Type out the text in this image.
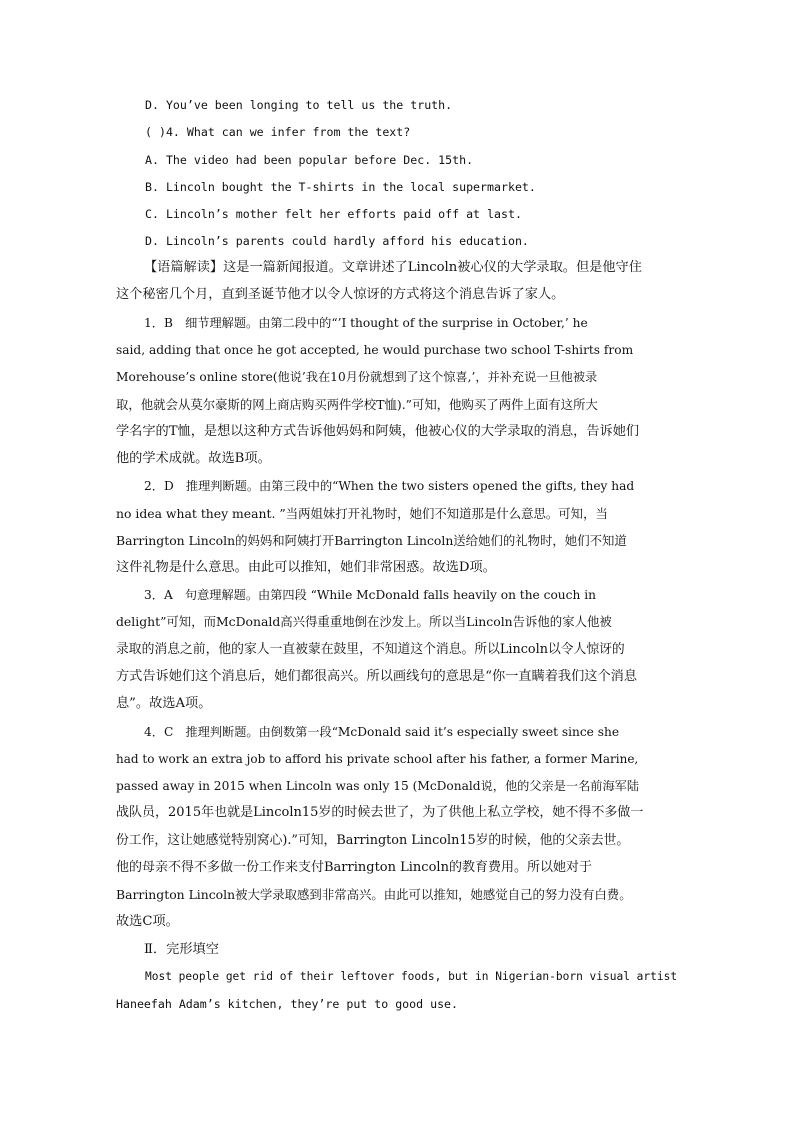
D. You’ve been longing to tell us the truth.
( )4. What can we infer from the text?
A. The video had been popular before Dec. 15th.
B. Lincoln bought the T-shirts in the local supermarket.
C. Lincoln’s mother felt her efforts paid off at last.
D. Lincoln’s parents could hardly afford his education.
【语篇解读】这是一篇新闻报道。文章讲述了Lincoln被心仪的大学录取。但是他守住
这个秘密几个月，直到圣诞节他才以令人惊讶的方式将这个消息告诉了家人。
1．B　细节理解题。由第二段中的“’I thought of the surprise in October,’ he
said, adding that once he got accepted, he would purchase two school T-shirts from
Morehouse’s online store(他说’我在10月份就想到了这个惊喜,’，并补充说一旦他被录
取，他就会从莫尔豪斯的网上商店购买两件学校T恤).”可知，他购买了两件上面有这所大
学名字的T恤，是想以这种方式告诉他妈妈和阿姨，他被心仪的大学录取的消息，告诉她们
他的学术成就。故选B项。
2．D　推理判断题。由第三段中的“When the two sisters opened the gifts, they had
no idea what they meant. ”当两姐妹打开礼物时，她们不知道那是什么意思。可知，当
Barrington Lincoln的妈妈和阿姨打开Barrington Lincoln送给她们的礼物时，她们不知道
这件礼物是什么意思。由此可以推知，她们非常困惑。故选D项。
3．A　句意理解题。由第四段 “While McDonald falls heavily on the couch in
delight”可知，而McDonald高兴得重重地倒在沙发上。所以当Lincoln告诉他的家人他被
录取的消息之前，他的家人一直被蒙在鼓里，不知道这个消息。所以Lincoln以令人惊讶的
方式告诉她们这个消息后，她们都很高兴。所以画线句的意思是“你一直瞒着我们这个消息
息”。故选A项。
4．C　推理判断题。由倒数第一段“McDonald said it’s especially sweet since she
had to work an extra job to afford his private school after his father, a former Marine,
passed away in 2015 when Lincoln was only 15 (McDonald说，他的父亲是一名前海军陆
战队员，2015年也就是Lincoln15岁的时候去世了，为了供他上私立学校，她不得不多做一
份工作，这让她感觉特别窝心).”可知，Barrington Lincoln15岁的时候，他的父亲去世。
他的母亲不得不多做一份工作来支付Barrington Lincoln的教育费用。所以她对于
Barrington Lincoln被大学录取感到非常高兴。由此可以推知，她感觉自己的努力没有白费。
故选C项。
Ⅱ．完形填空
Most people get rid of their leftover foods, but in Nigerian-born visual artist
Haneefah Adam’s kitchen, they’re put to good use.
